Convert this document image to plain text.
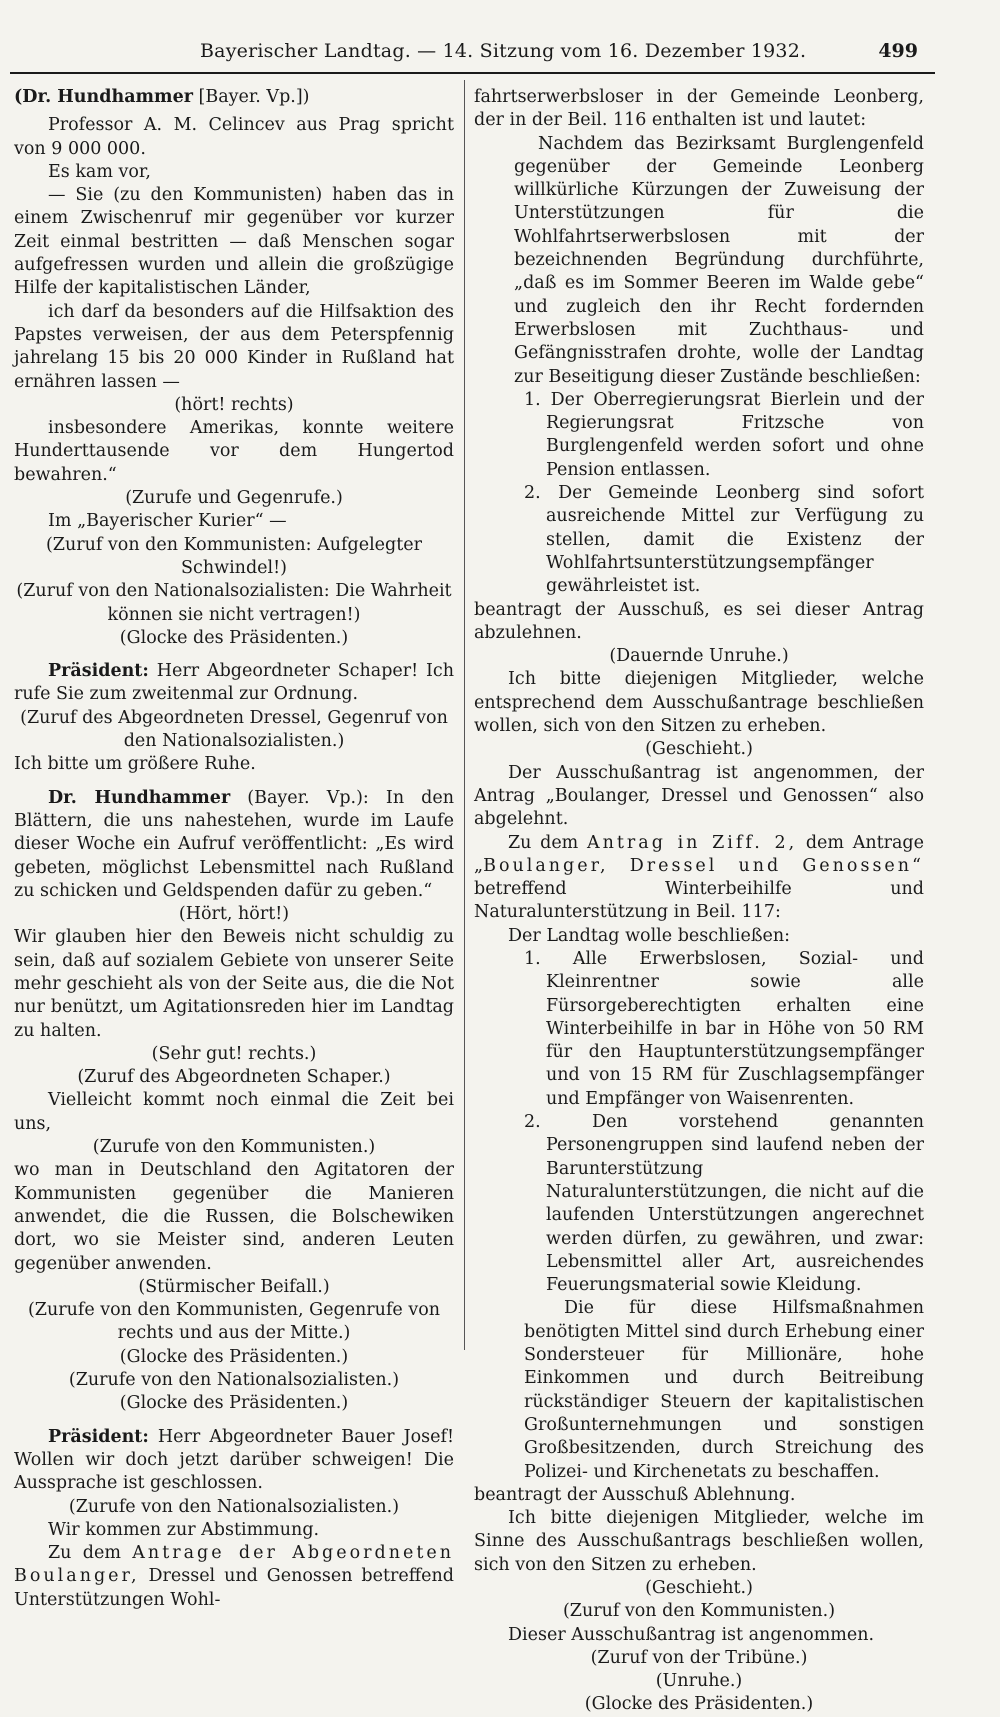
Bayerischer Landtag. — 14. Sitzung vom 16. Dezember 1932.	499

(Dr. Hundhammer [Bayer. Vp.])

Professor A. M. Celincev aus Prag spricht von 9 000 000.

Es kam vor,

— Sie (zu den Kommunisten) haben das in einem Zwischenruf mir gegenüber vor kurzer Zeit einmal bestritten — daß Menschen sogar aufgefressen wurden und allein die großzügige Hilfe der kapitalistischen Länder,

ich darf da besonders auf die Hilfsaktion des Papstes verweisen, der aus dem Peterspfennig jahrelang 15 bis 20 000 Kinder in Rußland hat ernähren lassen —

(hört! rechts)

insbesondere Amerikas, konnte weitere Hunderttausende vor dem Hungertod bewahren.“

(Zurufe und Gegenrufe.)

Im „Bayerischer Kurier“ —

(Zuruf von den Kommunisten: Aufgelegter Schwindel!)

(Zuruf von den Nationalsozialisten: Die Wahrheit können sie nicht vertragen!)

(Glocke des Präsidenten.)

Präsident: Herr Abgeordneter Schaper! Ich rufe Sie zum zweitenmal zur Ordnung.

(Zuruf des Abgeordneten Dressel, Gegenruf von den Nationalsozialisten.)

Ich bitte um größere Ruhe.

Dr. Hundhammer (Bayer. Vp.): In den Blättern, die uns nahestehen, wurde im Laufe dieser Woche ein Aufruf veröffentlicht: „Es wird gebeten, möglichst Lebensmittel nach Rußland zu schicken und Geldspenden dafür zu geben.“

(Hört, hört!)

Wir glauben hier den Beweis nicht schuldig zu sein, daß auf sozialem Gebiete von unserer Seite mehr geschieht als von der Seite aus, die die Not nur benützt, um Agitationsreden hier im Landtag zu halten.

(Sehr gut! rechts.)

(Zuruf des Abgeordneten Schaper.)

Vielleicht kommt noch einmal die Zeit bei uns,

(Zurufe von den Kommunisten.)

wo man in Deutschland den Agitatoren der Kommunisten gegenüber die Manieren anwendet, die die Russen, die Bolschewiken dort, wo sie Meister sind, anderen Leuten gegenüber anwenden.

(Stürmischer Beifall.)

(Zurufe von den Kommunisten, Gegenrufe von rechts und aus der Mitte.)

(Glocke des Präsidenten.)

(Zurufe von den Nationalsozialisten.)

(Glocke des Präsidenten.)

Präsident: Herr Abgeordneter Bauer Josef! Wollen wir doch jetzt darüber schweigen! Die Aussprache ist geschlossen.

(Zurufe von den Nationalsozialisten.)

Wir kommen zur Abstimmung.

Zu dem Antrage der Abgeordneten Boulanger, Dressel und Genossen betreffend Unterstützungen Wohl-

fahrtserwerbsloser in der Gemeinde Leonberg, der in der Beil. 116 enthalten ist und lautet:

Nachdem das Bezirksamt Burglengenfeld gegenüber der Gemeinde Leonberg willkürliche Kürzungen der Zuweisung der Unterstützungen für die Wohlfahrtserwerbslosen mit der bezeichnenden Begründung durchführte, „daß es im Sommer Beeren im Walde gebe“ und zugleich den ihr Recht fordernden Erwerbslosen mit Zuchthaus- und Gefängnisstrafen drohte, wolle der Landtag zur Beseitigung dieser Zustände beschließen:

1. Der Oberregierungsrat Bierlein und der Regierungsrat Fritzsche von Burglengenfeld werden sofort und ohne Pension entlassen.

2. Der Gemeinde Leonberg sind sofort ausreichende Mittel zur Verfügung zu stellen, damit die Existenz der Wohlfahrtsunterstützungsempfänger gewährleistet ist.

beantragt der Ausschuß, es sei dieser Antrag abzulehnen.

(Dauernde Unruhe.)

Ich bitte diejenigen Mitglieder, welche entsprechend dem Ausschußantrage beschließen wollen, sich von den Sitzen zu erheben.

(Geschieht.)

Der Ausschußantrag ist angenommen, der Antrag „Boulanger, Dressel und Genossen“ also abgelehnt.

Zu dem Antrag in Ziff. 2, dem Antrage „Boulanger, Dressel und Genossen“ betreffend Winterbeihilfe und Naturalunterstützung in Beil. 117:

Der Landtag wolle beschließen:

1. Alle Erwerbslosen, Sozial- und Kleinrentner sowie alle Fürsorgeberechtigten erhalten eine Winterbeihilfe in bar in Höhe von 50 RM für den Hauptunterstützungsempfänger und von 15 RM für Zuschlagsempfänger und Empfänger von Waisenrenten.

2. Den vorstehend genannten Personengruppen sind laufend neben der Barunterstützung Naturalunterstützungen, die nicht auf die laufenden Unterstützungen angerechnet werden dürfen, zu gewähren, und zwar: Lebensmittel aller Art, ausreichendes Feuerungsmaterial sowie Kleidung.

Die für diese Hilfsmaßnahmen benötigten Mittel sind durch Erhebung einer Sondersteuer für Millionäre, hohe Einkommen und durch Beitreibung rückständiger Steuern der kapitalistischen Großunternehmungen und sonstigen Großbesitzenden, durch Streichung des Polizei- und Kirchenetats zu beschaffen.

beantragt der Ausschuß Ablehnung.

Ich bitte diejenigen Mitglieder, welche im Sinne des Ausschußantrags beschließen wollen, sich von den Sitzen zu erheben.

(Geschieht.)

(Zuruf von den Kommunisten.)

Dieser Ausschußantrag ist angenommen.

(Zuruf von der Tribüne.)

(Unruhe.)

(Glocke des Präsidenten.)
